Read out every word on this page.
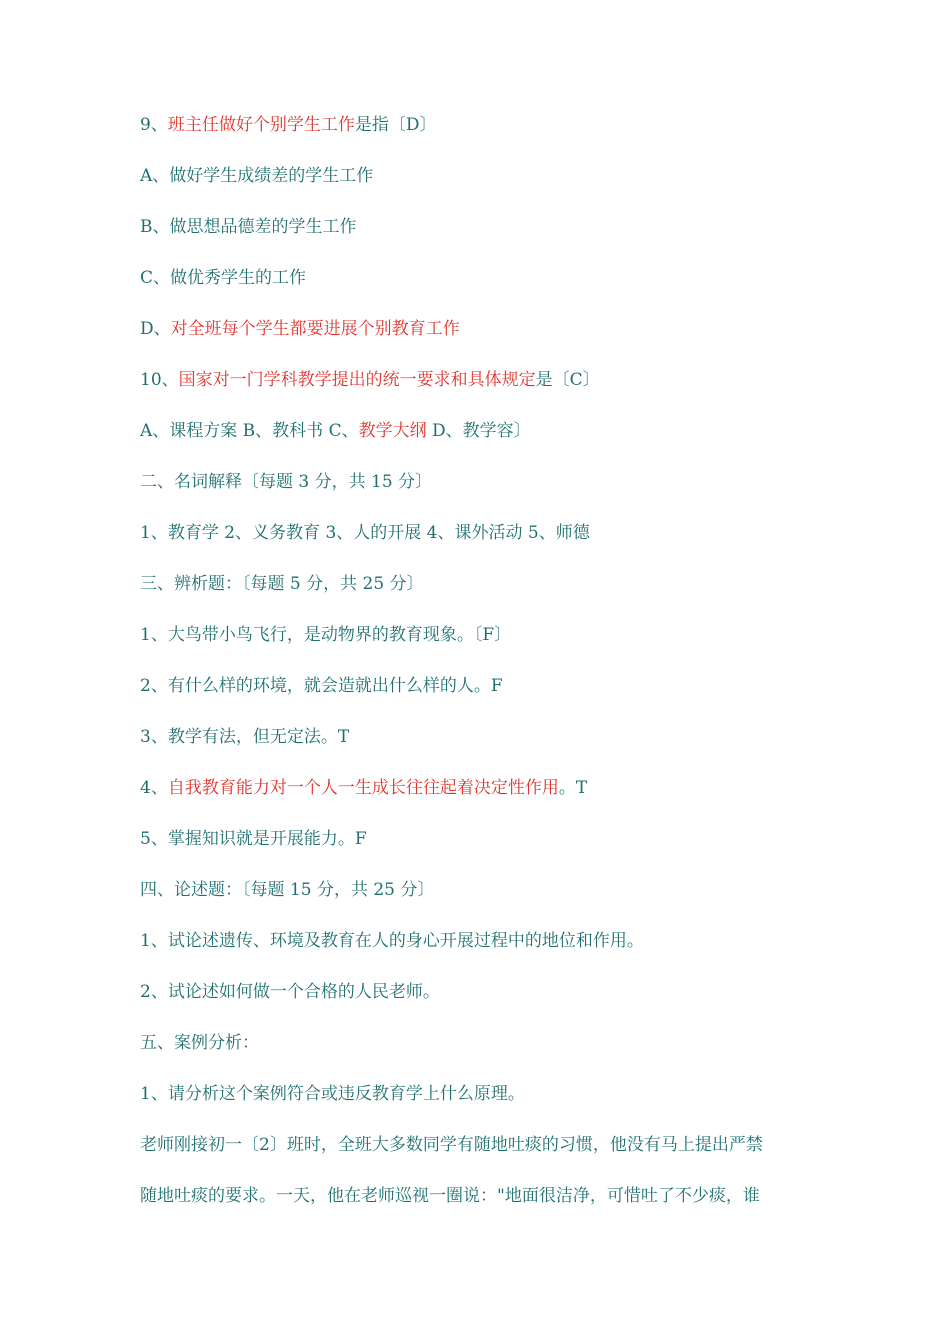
9、班主任做好个别学生工作是指〔D〕
A、做好学生成绩差的学生工作
B、做思想品德差的学生工作
C、做优秀学生的工作
D、对全班每个学生都要进展个别教育工作
10、国家对一门学科教学提出的统一要求和具体规定是〔C〕
A、课程方案 B、教科书 C、教学大纲 D、教学容〕
二、名词解释〔每题 3 分，共 15 分〕
1、教育学 2、义务教育 3、人的开展 4、课外活动 5、师德
三、辨析题：〔每题 5 分，共 25 分〕
1、大鸟带小鸟飞行，是动物界的教育现象。〔F〕
2、有什么样的环境，就会造就出什么样的人。F
3、教学有法，但无定法。T
4、自我教育能力对一个人一生成长往往起着决定性作用。T
5、掌握知识就是开展能力。F
四、论述题：〔每题 15 分，共 25 分〕
1、试论述遗传、环境及教育在人的身心开展过程中的地位和作用。
2、试论述如何做一个合格的人民老师。
五、案例分析：
1、请分析这个案例符合或违反教育学上什么原理。
老师刚接初一〔2〕班时，全班大多数同学有随地吐痰的习惯，他没有马上提出严禁
随地吐痰的要求。一天，他在老师巡视一圈说："地面很洁净，可惜吐了不少痰，谁
